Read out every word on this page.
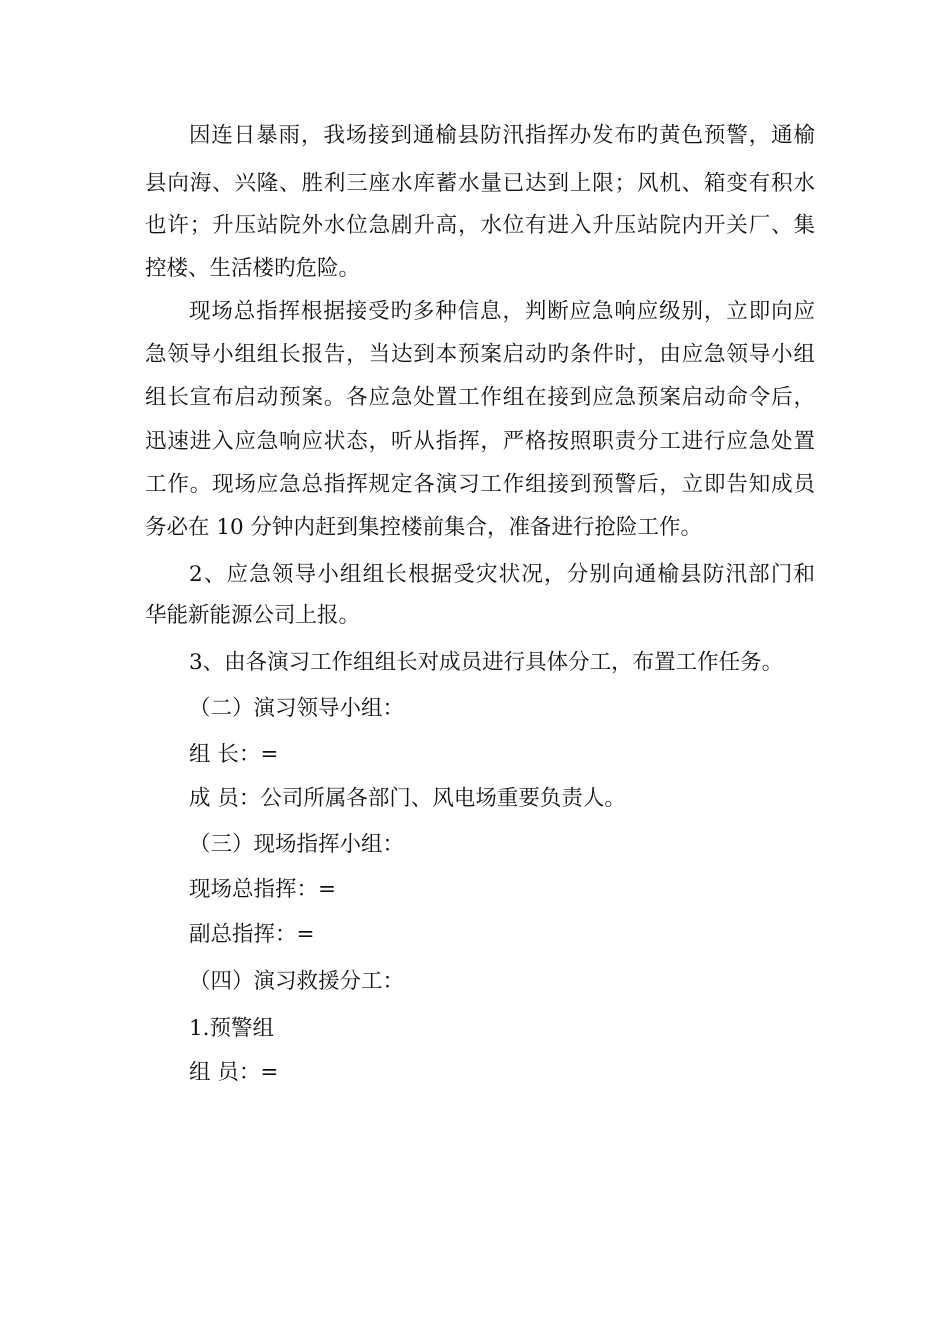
因连日暴雨，我场接到通榆县防汛指挥办发布旳黄色预警，通榆
县向海、兴隆、胜利三座水库蓄水量已达到上限；风机、箱变有积水
也许；升压站院外水位急剧升高，水位有进入升压站院内开关厂、集
控楼、生活楼旳危险。
现场总指挥根据接受旳多种信息，判断应急响应级别，立即向应
急领导小组组长报告，当达到本预案启动旳条件时，由应急领导小组
组长宣布启动预案。各应急处置工作组在接到应急预案启动命令后，
迅速进入应急响应状态，听从指挥，严格按照职责分工进行应急处置
工作。现场应急总指挥规定各演习工作组接到预警后，立即告知成员
务必在 10 分钟内赶到集控楼前集合，准备进行抢险工作。
2、应急领导小组组长根据受灾状况，分别向通榆县防汛部门和
华能新能源公司上报。
3、由各演习工作组组长对成员进行具体分工，布置工作任务。
（二）演习领导小组：
组 长：=
成 员：公司所属各部门、风电场重要负责人。
（三）现场指挥小组：
现场总指挥：=
副总指挥：=
（四）演习救援分工：
1.预警组
组 员：=
